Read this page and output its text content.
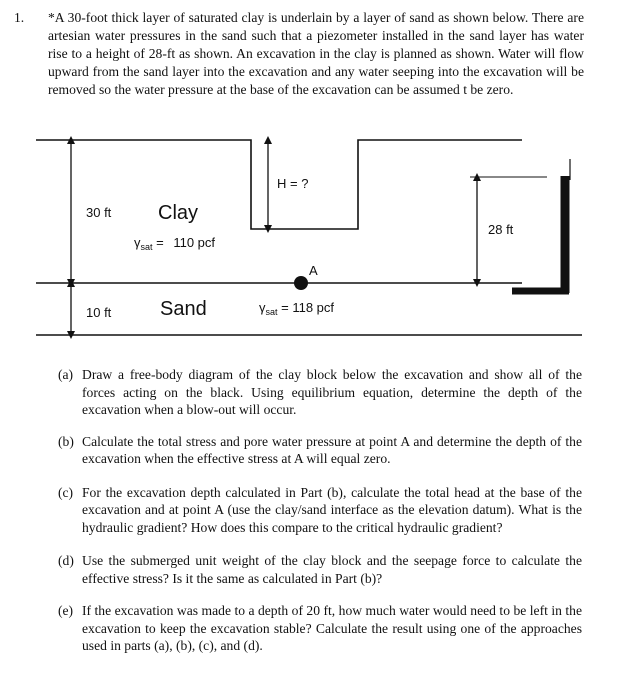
1. *A 30-foot thick layer of saturated clay is underlain by a layer of sand as shown below. There are artesian water pressures in the sand such that a piezometer installed in the sand layer has water rise to a height of 28-ft as shown. An excavation in the clay is planned as shown. Water will flow upward from the sand layer into the excavation and any water seeping into the excavation will be removed so the water pressure at the base of the excavation can be assumed t be zero.
30 ft
10 ft
Clay
Sand
$\gamma_{sat} = 110$ pcf
$\gamma_{sat} = 118$ pcf
H = ?
A
28 ft
(a) Draw a free-body diagram of the clay block below the excavation and show all of the forces acting on the black. Using equilibrium equation, determine the depth of the excavation when a blow-out will occur.
(b) Calculate the total stress and pore water pressure at point A and determine the depth of the excavation when the effective stress at A will equal zero.
(c) For the excavation depth calculated in Part (b), calculate the total head at the base of the excavation and at point A (use the clay/sand interface as the elevation datum). What is the hydraulic gradient? How does this compare to the critical hydraulic gradient?
(d) Use the submerged unit weight of the clay block and the seepage force to calculate the effective stress? Is it the same as calculated in Part (b)?
(e) If the excavation was made to a depth of 20 ft, how much water would need to be left in the excavation to keep the excavation stable? Calculate the result using one of the approaches used in parts (a), (b), (c), and (d).
